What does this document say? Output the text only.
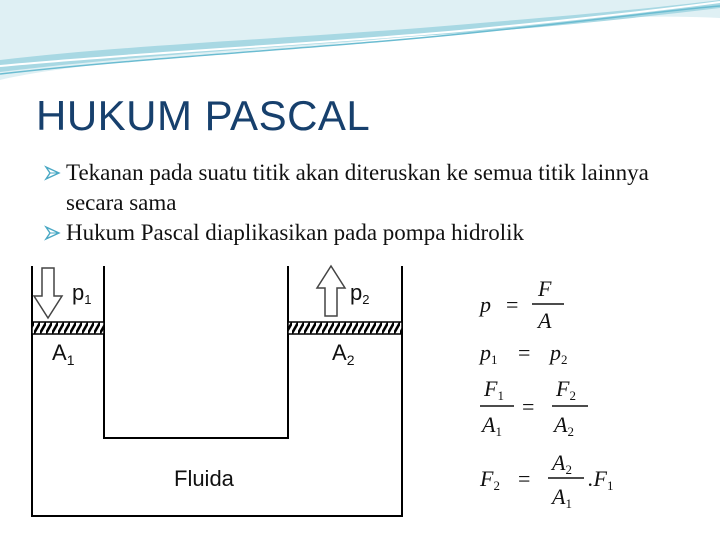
HUKUM PASCAL
Tekanan pada suatu titik akan diteruskan ke semua titik lainnya secara sama
Hukum Pascal diaplikasikan pada pompa hidrolik
p1	p2
$A_1$	$A_2$
Fluida
p =
F
A
p1 = p2
F1
A1
=
F2
A2
F2 =
A2
A1
.F1
